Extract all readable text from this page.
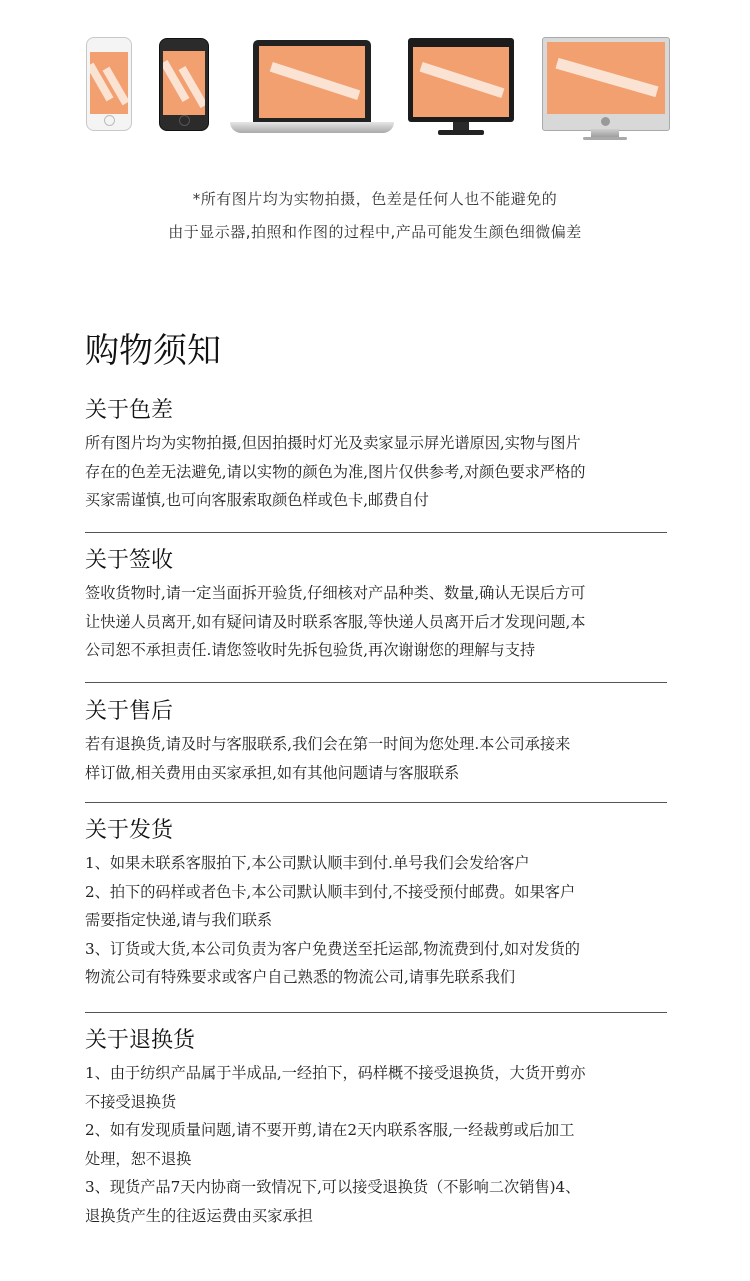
*所有图片均为实物拍摄，色差是任何人也不能避免的
由于显示器,拍照和作图的过程中,产品可能发生颜色细微偏差
购物须知
关于色差

所有图片均为实物拍摄,但因拍摄时灯光及卖家显示屏光谱原因,实物与图片

存在的色差无法避免,请以实物的颜色为准,图片仅供参考,对颜色要求严格的

买家需谨慎,也可向客服索取颜色样或色卡,邮费自付

关于签收

签收货物时,请一定当面拆开验货,仔细核对产品种类、数量,确认无误后方可

让快递人员离开,如有疑问请及时联系客服,等快递人员离开后才发现问题,本

公司恕不承担责任.请您签收时先拆包验货,再次谢谢您的理解与支持

关于售后

若有退换货,请及时与客服联系,我们会在第一时间为您处理.本公司承接来

样订做,相关费用由买家承担,如有其他问题请与客服联系

关于发货

1、如果未联系客服拍下,本公司默认顺丰到付.单号我们会发给客户

2、拍下的码样或者色卡,本公司默认顺丰到付,不接受预付邮费。如果客户

需要指定快递,请与我们联系

3、订货或大货,本公司负责为客户免费送至托运部,物流费到付,如对发货的

物流公司有特殊要求或客户自己熟悉的物流公司,请事先联系我们

关于退换货

1、由于纺织产品属于半成品,一经拍下，码样概不接受退换货，大货开剪亦

不接受退换货

2、如有发现质量问题,请不要开剪,请在2天内联系客服,一经裁剪或后加工

处理，恕不退换

3、现货产品7天内协商一致情况下,可以接受退换货（不影响二次销售)4、

退换货产生的往返运费由买家承担
